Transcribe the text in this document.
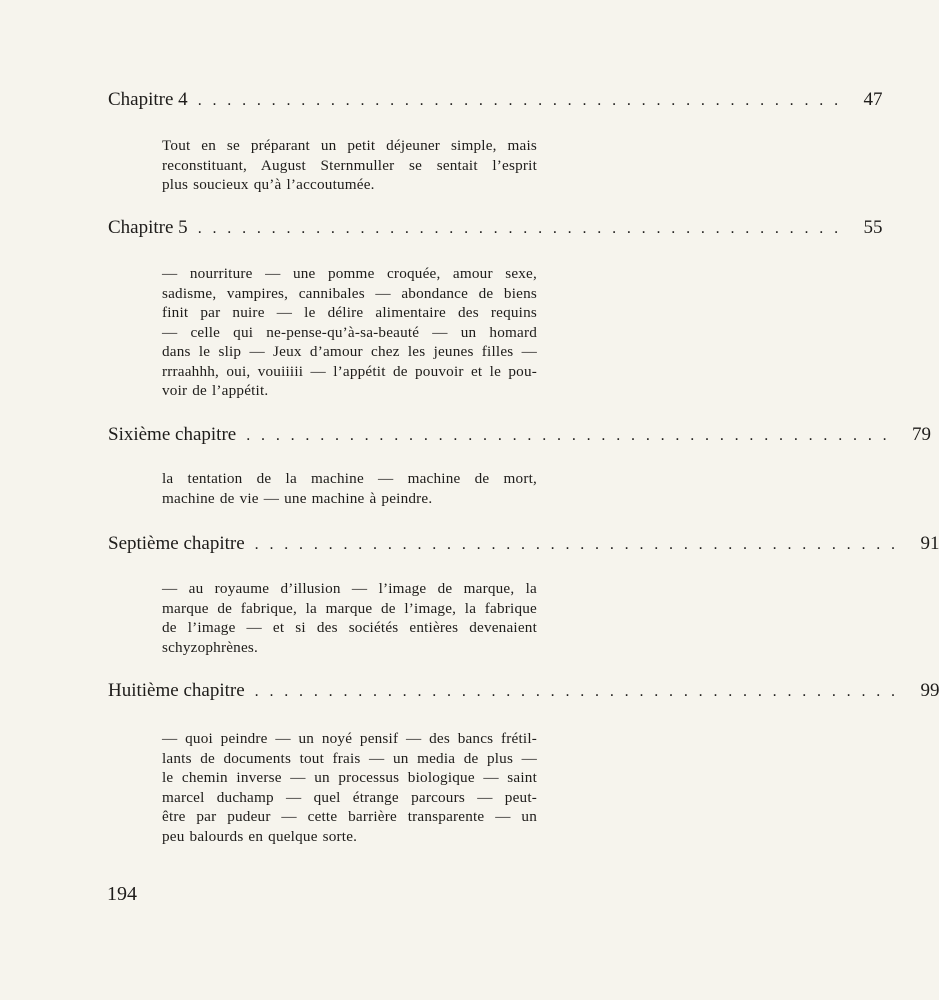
Chapitre 4 . . . . . . . . . . . . . . . . . . . . . . . . . . . . . . . . . . . . . . . . . . . . 47
Tout en se préparant un petit déjeuner simple, mais
reconstituant, August Sternmuller se sentait l’esprit
plus soucieux qu’à l’accoutumée.
Chapitre 5 . . . . . . . . . . . . . . . . . . . . . . . . . . . . . . . . . . . . . . . . . . . . 55
— nourriture — une pomme croquée, amour sexe,
sadisme, vampires, cannibales — abondance de biens
finit par nuire — le délire alimentaire des requins
— celle qui ne-pense-qu’à-sa-beauté — un homard
dans le slip — Jeux d’amour chez les jeunes filles —
rrraahhh, oui, vouiiiii — l’appétit de pouvoir et le pou-
voir de l’appétit.
Sixième chapitre . . . . . . . . . . . . . . . . . . . . . . . . . . . . . . . . . . . . . . . . . . . . 79
la tentation de la machine — machine de mort,
machine de vie — une machine à peindre.
Septième chapitre . . . . . . . . . . . . . . . . . . . . . . . . . . . . . . . . . . . . . . . . . . . . 91
— au royaume d’illusion — l’image de marque, la
marque de fabrique, la marque de l’image, la fabrique
de l’image — et si des sociétés entières devenaient
schyzophrènes.
Huitième chapitre . . . . . . . . . . . . . . . . . . . . . . . . . . . . . . . . . . . . . . . . . . . . 99
— quoi peindre — un noyé pensif — des bancs frétil-
lants de documents tout frais — un media de plus —
le chemin inverse — un processus biologique — saint
marcel duchamp — quel étrange parcours — peut-
être par pudeur — cette barrière transparente — un
peu balourds en quelque sorte.
194
